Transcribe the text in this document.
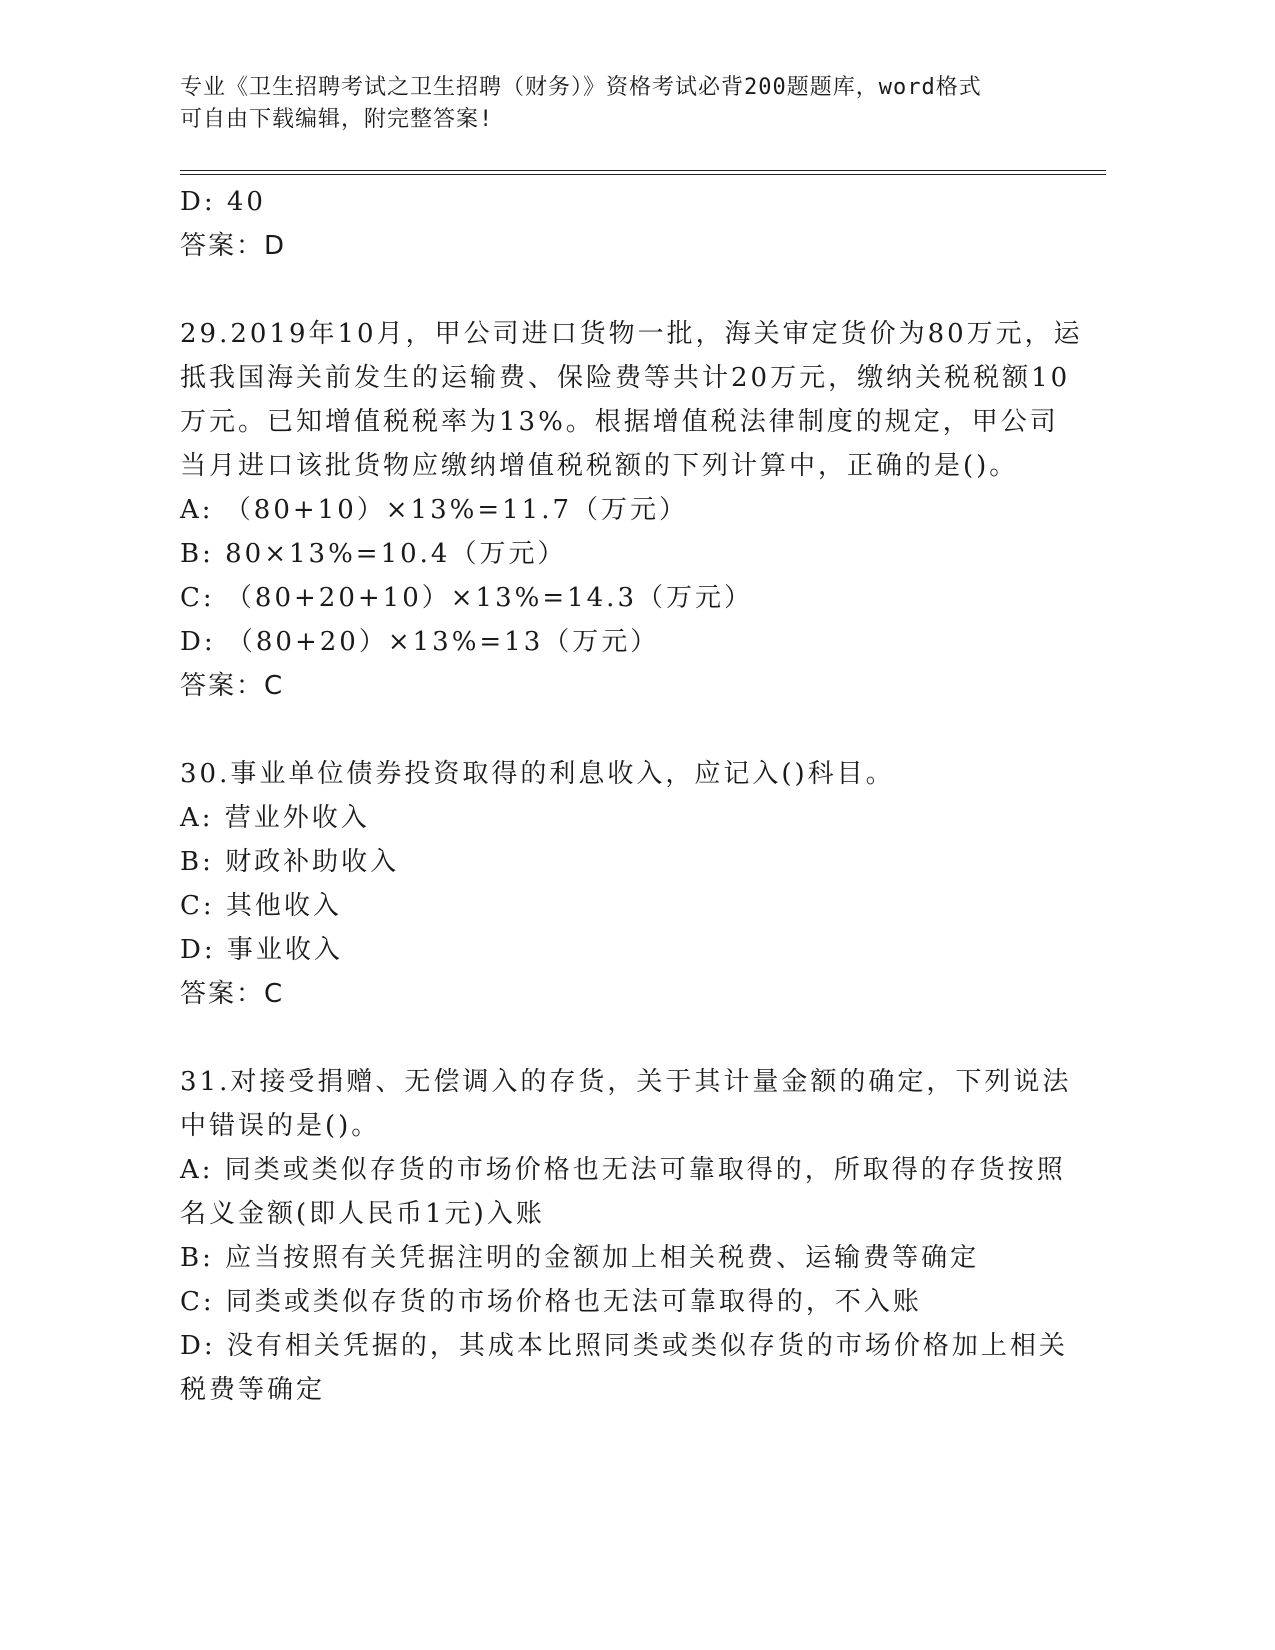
专业《卫生招聘考试之卫生招聘（财务）》资格考试必背200题题库，word格式
可自由下载编辑，附完整答案!

D: 40

答案：D

29.2019年10月，甲公司进口货物一批，海关审定货价为80万元，运

抵我国海关前发生的运输费、保险费等共计20万元，缴纳关税税额10

万元。已知增值税税率为13%。根据增值税法律制度的规定，甲公司

当月进口该批货物应缴纳增值税税额的下列计算中，正确的是()。

A: （80+10）×13%=11.7（万元）

B: 80×13%=10.4（万元）

C: （80+20+10）×13%=14.3（万元）

D: （80+20）×13%=13（万元）

答案：C

30.事业单位债券投资取得的利息收入，应记入()科目。

A: 营业外收入

B: 财政补助收入

C: 其他收入

D: 事业收入

答案：C

31.对接受捐赠、无偿调入的存货，关于其计量金额的确定，下列说法

中错误的是()。

A: 同类或类似存货的市场价格也无法可靠取得的，所取得的存货按照

名义金额(即人民币1元)入账

B: 应当按照有关凭据注明的金额加上相关税费、运输费等确定

C: 同类或类似存货的市场价格也无法可靠取得的，不入账

D: 没有相关凭据的，其成本比照同类或类似存货的市场价格加上相关

税费等确定
